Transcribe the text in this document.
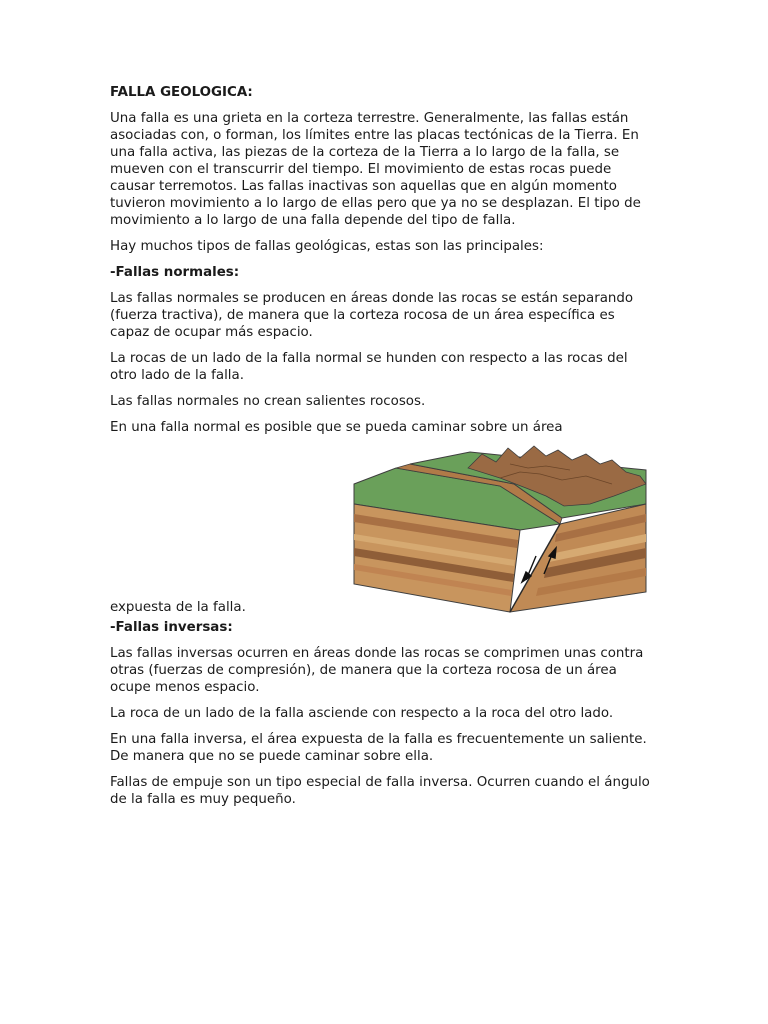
FALLA GEOLOGICA:

Una falla es una grieta en la corteza terrestre. Generalmente, las fallas están asociadas con, o forman, los límites entre las placas tectónicas de la Tierra. En una falla activa, las piezas de la corteza de la Tierra a lo largo de la falla, se mueven con el transcurrir del tiempo. El movimiento de estas rocas puede causar terremotos. Las fallas inactivas son aquellas que en algún momento tuvieron movimiento a lo largo de ellas pero que ya no se desplazan. El tipo de movimiento a lo largo de una falla depende del tipo de falla.

Hay muchos tipos de fallas geológicas, estas son las principales:

-Fallas normales:

Las fallas normales se producen en áreas donde las rocas se están separando (fuerza tractiva), de manera que la corteza rocosa de un área específica es capaz de ocupar más espacio.

La rocas de un lado de la falla normal se hunden con respecto a las rocas del otro lado de la falla.

Las fallas normales no crean salientes rocosos.

En una falla normal es posible que se pueda caminar sobre un área

expuesta de la falla.
-Fallas inversas:

Las fallas inversas ocurren en áreas donde las rocas se comprimen unas contra otras (fuerzas de compresión), de manera que la corteza rocosa de un área ocupe menos espacio.

La roca de un lado de la falla asciende con respecto a la roca del otro lado.

En una falla inversa, el área expuesta de la falla es frecuentemente un saliente. De manera que no se puede caminar sobre ella.

Fallas de empuje son un tipo especial de falla inversa. Ocurren cuando el ángulo de la falla es muy pequeño.
